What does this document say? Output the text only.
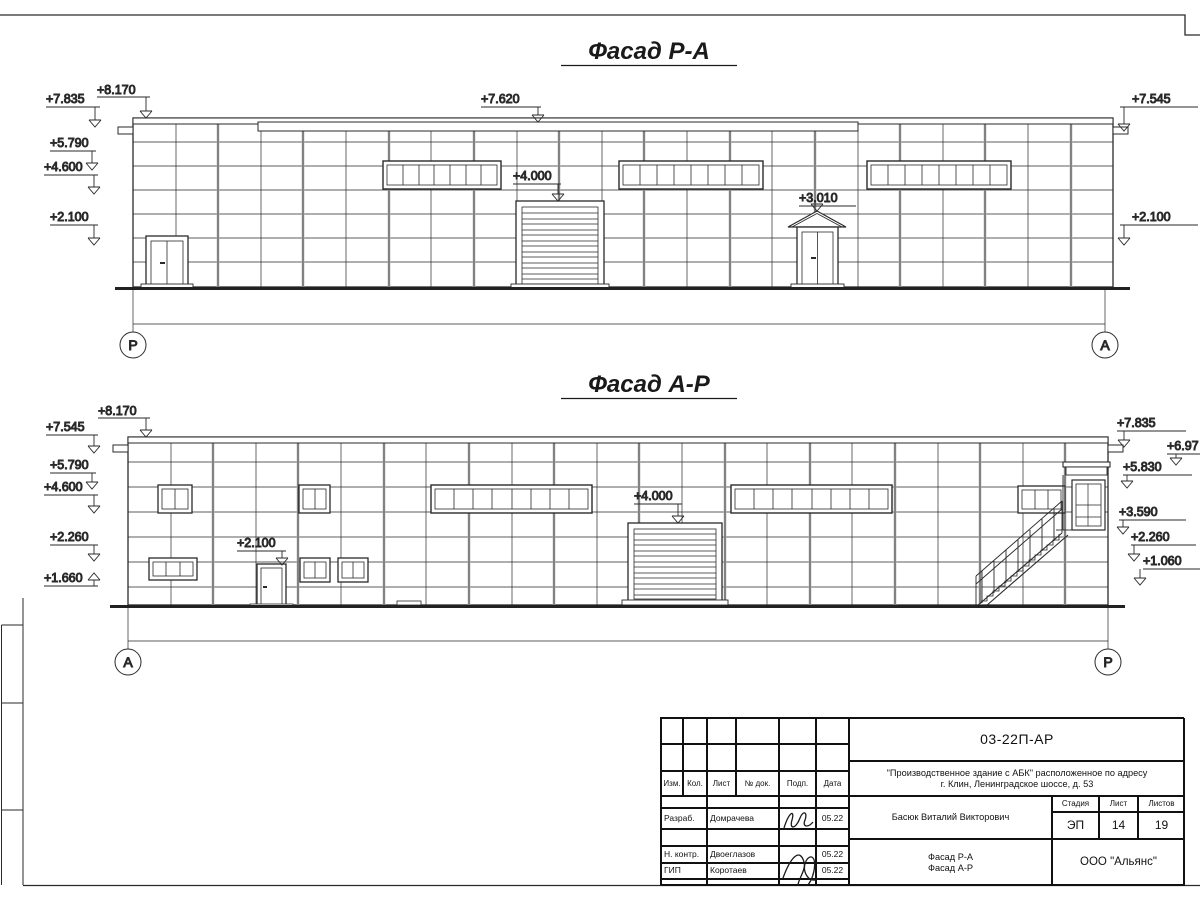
Фасад Р-А
Р	А
+7.835
+8.170
+5.790
+4.600
+2.100
+7.620
+4.000
+3.010
+7.545
+2.100
Фасад А-Р
А	Р
+7.545
+8.170
+5.790
+4.600
+2.260
+1.660
+2.100
+4.000
+7.835
+6.97
+5.830
+3.590
+2.260
+1.060
Изм. Кол.	Лист	№ док.	Подп.	Дата
Разраб.	Домрачева	05.22
Н. контр.	Двоеглазов	05.22
ГИП	Коротаев	05.22
03-22П-АР
"Производственное здание с АБК" расположенное по адресу
г. Клин, Ленинградское шоссе, д. 53
Басюк Виталий Викторович
Стадия	Лист	Листов
ЭП	14	19
Фасад Р-А
Фасад А-Р	ООО "Альянс"
